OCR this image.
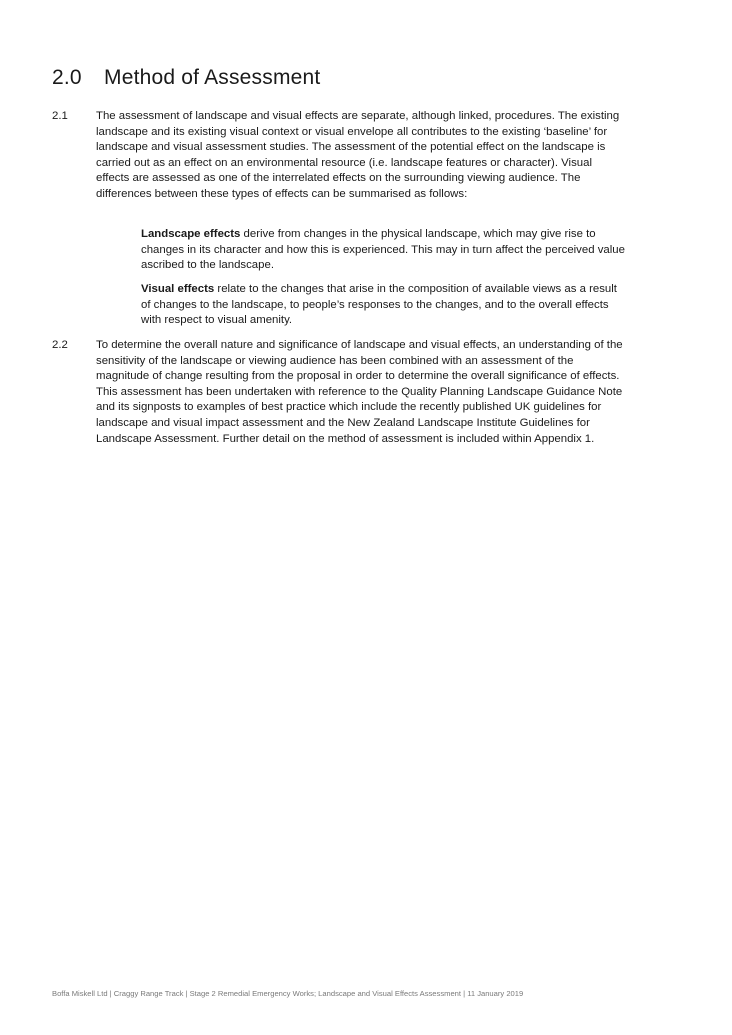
2.0 Method of Assessment
2.1 The assessment of landscape and visual effects are separate, although linked, procedures. The existing landscape and its existing visual context or visual envelope all contributes to the existing ‘baseline’ for landscape and visual assessment studies. The assessment of the potential effect on the landscape is carried out as an effect on an environmental resource (i.e. landscape features or character). Visual effects are assessed as one of the interrelated effects on the surrounding viewing audience. The differences between these types of effects can be summarised as follows:
Landscape effects derive from changes in the physical landscape, which may give rise to changes in its character and how this is experienced. This may in turn affect the perceived value ascribed to the landscape.
Visual effects relate to the changes that arise in the composition of available views as a result of changes to the landscape, to people’s responses to the changes, and to the overall effects with respect to visual amenity.
2.2 To determine the overall nature and significance of landscape and visual effects, an understanding of the sensitivity of the landscape or viewing audience has been combined with an assessment of the magnitude of change resulting from the proposal in order to determine the overall significance of effects. This assessment has been undertaken with reference to the Quality Planning Landscape Guidance Note and its signposts to examples of best practice which include the recently published UK guidelines for landscape and visual impact assessment and the New Zealand Landscape Institute Guidelines for Landscape Assessment. Further detail on the method of assessment is included within Appendix 1.
Boffa Miskell Ltd | Craggy Range Track | Stage 2 Remedial Emergency Works; Landscape and Visual Effects Assessment | 11 January 2019
